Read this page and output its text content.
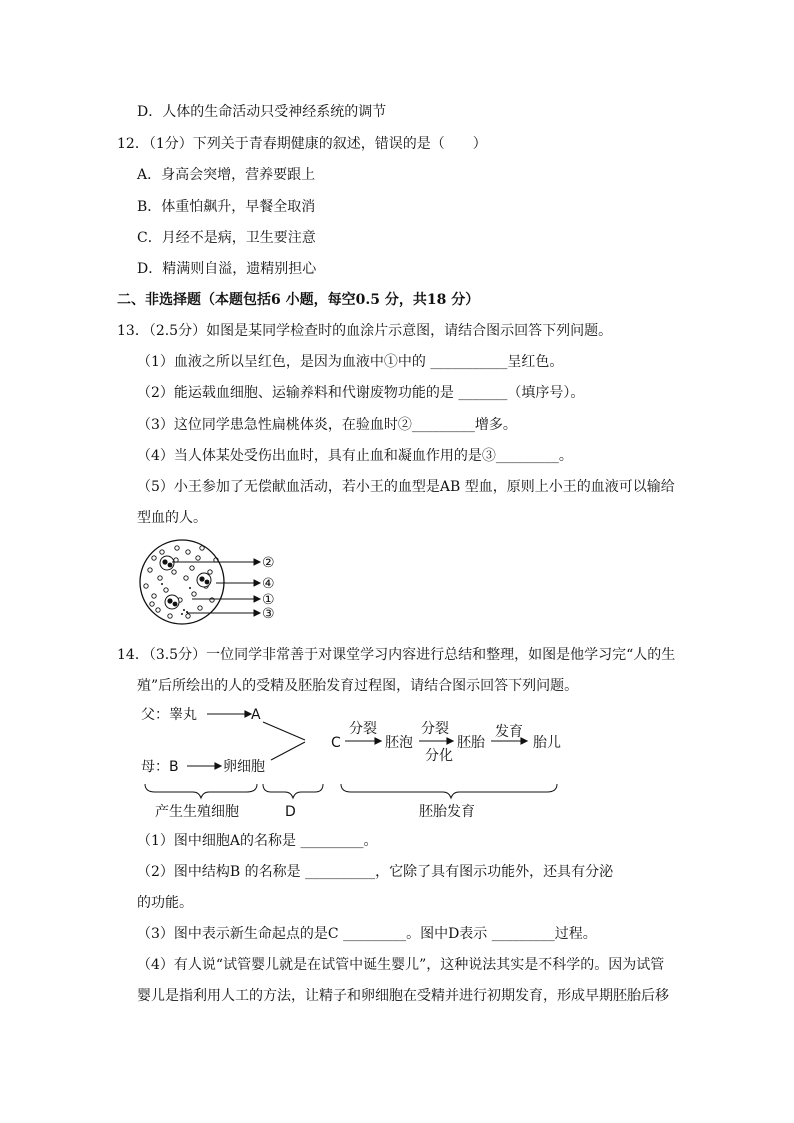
D．人体的生命活动只受神经系统的调节
12．（1分）下列关于青春期健康的叙述，错误的是（　　）
A．身高会突增，营养要跟上
B．体重怕飙升，早餐全取消
C．月经不是病，卫生要注意
D．精满则自溢，遗精别担心
二、非选择题（本题包括6 小题，每空0.5 分，共18 分）
13．（2.5分）如图是某同学检查时的血涂片示意图，请结合图示回答下列问题。
（1）血液之所以呈红色，是因为血液中①中的 ___________呈红色。
（2）能运载血细胞、运输养料和代谢废物功能的是 _______（填序号）。
（3）这位同学患急性扁桃体炎，在验血时②_________增多。
（4）当人体某处受伤出血时，具有止血和凝血作用的是③_________。
（5）小王参加了无偿献血活动，若小王的血型是AB 型血，原则上小王的血液可以输给
型血的人。
②
④
①
③
14．（3.5分）一位同学非常善于对课堂学习内容进行总结和整理，如图是他学习完“人的生
殖”后所绘出的人的受精及胚胎发育过程图，请结合图示回答下列问题。
父：睾丸	A
母：B	卵细胞
C
分裂
胚泡
分裂
分化
胚胎
发育
胎儿
产生生殖细胞	D	胚胎发育
（1）图中细胞A的名称是 _________。
（2）图中结构B 的名称是 __________，它除了具有图示功能外，还具有分泌
的功能。
（3）图中表示新生命起点的是C _________。图中D表示 _________过程。
（4）有人说“试管婴儿就是在试管中诞生婴儿”，这种说法其实是不科学的。因为试管
婴儿是指利用人工的方法，让精子和卵细胞在受精并进行初期发育，形成早期胚胎后移
